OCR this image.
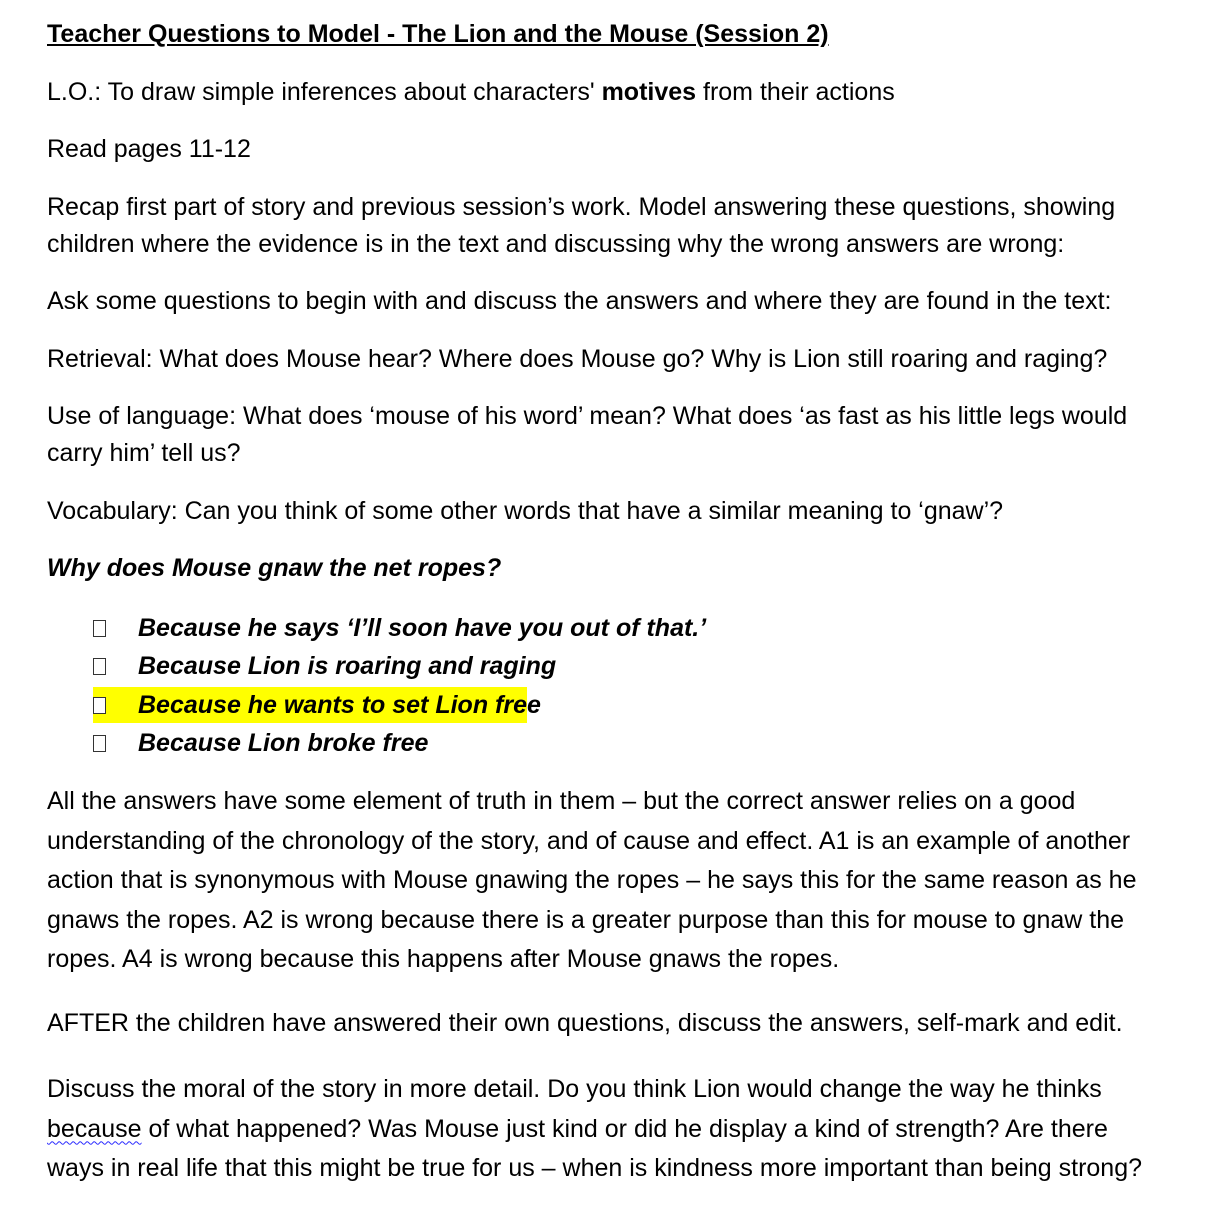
Teacher Questions to Model - The Lion and the Mouse (Session 2)

L.O.: To draw simple inferences about characters' motives from their actions

Read pages 11-12

Recap first part of story and previous session’s work. Model answering these questions, showing children where the evidence is in the text and discussing why the wrong answers are wrong:

Ask some questions to begin with and discuss the answers and where they are found in the text:

Retrieval: What does Mouse hear? Where does Mouse go? Why is Lion still roaring and raging?

Use of language: What does ‘mouse of his word’ mean? What does ‘as fast as his little legs would carry him’ tell us?

Vocabulary: Can you think of some other words that have a similar meaning to ‘gnaw’?

Why does Mouse gnaw the net ropes?
Because he says ‘I’ll soon have you out of that.’
Because Lion is roaring and raging
Because he wants to set Lion free
Because Lion broke free

All the answers have some element of truth in them – but the correct answer relies on a good understanding of the chronology of the story, and of cause and effect. A1 is an example of another action that is synonymous with Mouse gnawing the ropes – he says this for the same reason as he gnaws the ropes. A2 is wrong because there is a greater purpose than this for mouse to gnaw the ropes. A4 is wrong because this happens after Mouse gnaws the ropes.

AFTER the children have answered their own questions, discuss the answers, self-mark and edit.

Discuss the moral of the story in more detail. Do you think Lion would change the way he thinks
because of what happened? Was Mouse just kind or did he display a kind of strength? Are there
ways in real life that this might be true for us – when is kindness more important than being strong?
